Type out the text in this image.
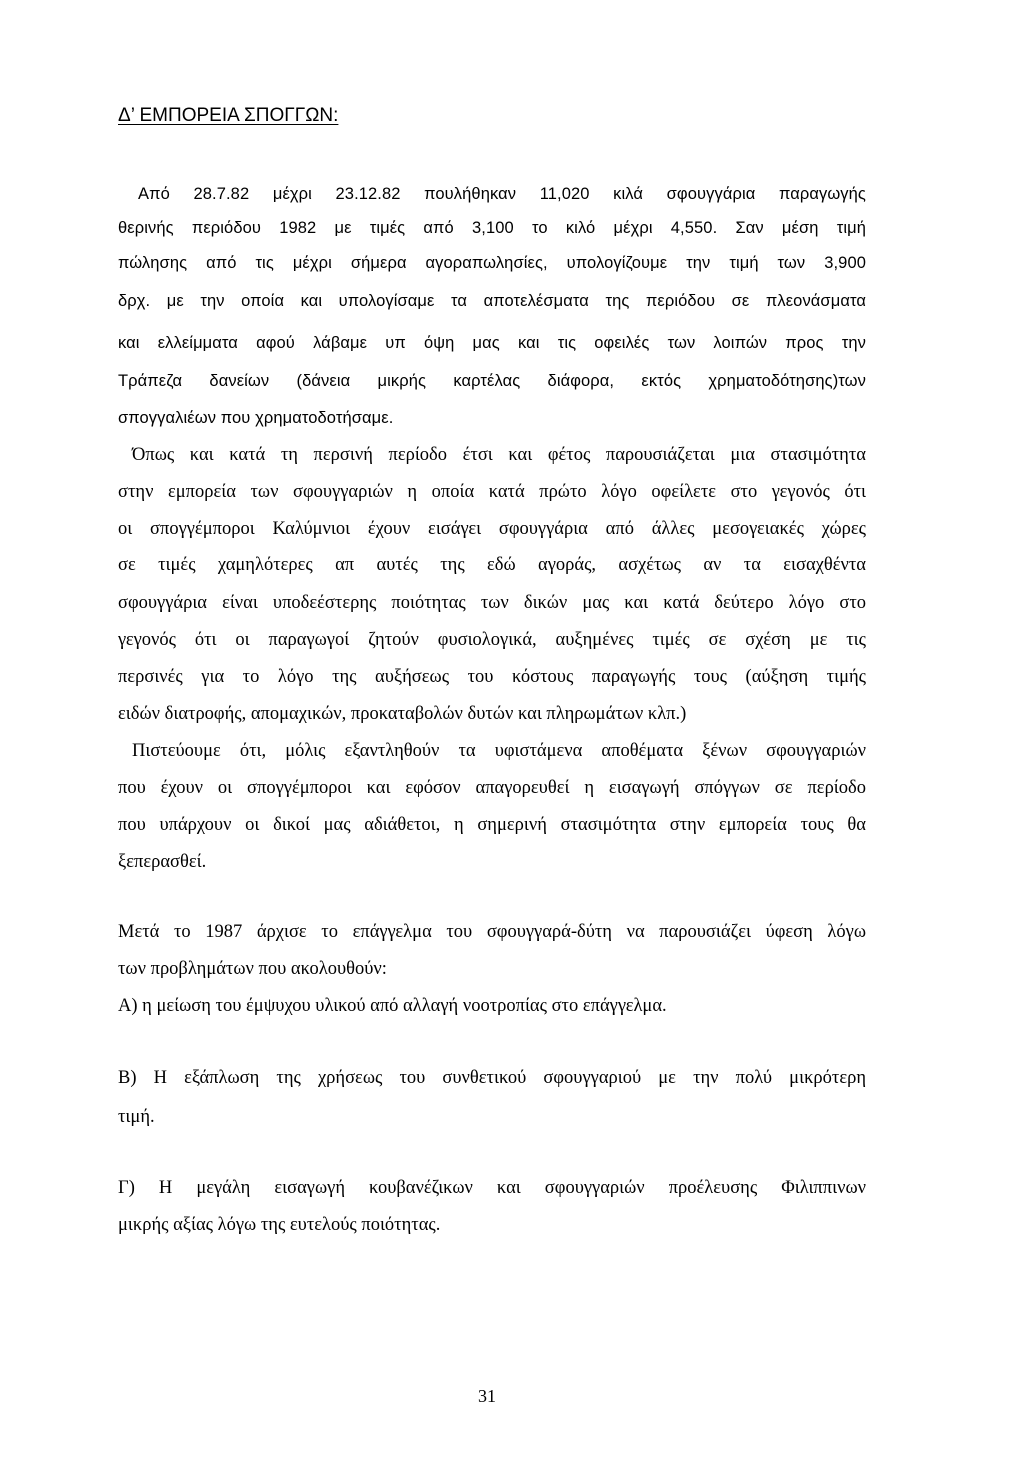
Δ’ ΕΜΠΟΡΕΙΑ ΣΠΟΓΓΩΝ:
Από 28.7.82 μέχρι 23.12.82 πουλήθηκαν 11,020 κιλά σφουγγάρια παραγωγής
θερινής περιόδου 1982 με τιμές από 3,100 το κιλό μέχρι 4,550. Σαν μέση τιμή
πώλησης από τις μέχρι σήμερα αγοραπωλησίες, υπολογίζουμε την τιμή των 3,900
δρχ. με την οποία και υπολογίσαμε τα αποτελέσματα της περιόδου σε πλεονάσματα
και ελλείμματα αφού λάβαμε υπ όψη μας και τις οφειλές των λοιπών προς την
Τράπεζα δανείων (δάνεια μικρής καρτέλας διάφορα, εκτός χρηματοδότησης)των
σπογγαλιέων που χρηματοδοτήσαμε.
Όπως και κατά τη περσινή περίοδο έτσι και φέτος παρουσιάζεται μια στασιμότητα
στην εμπορεία των σφουγγαριών η οποία κατά πρώτο λόγο οφείλετε στο γεγονός ότι
οι σπογγέμποροι Καλύμνιοι έχουν εισάγει σφουγγάρια από άλλες μεσογειακές χώρες
σε τιμές χαμηλότερες απ αυτές της εδώ αγοράς, ασχέτως αν τα εισαχθέντα
σφουγγάρια είναι υποδεέστερης ποιότητας των δικών μας και κατά δεύτερο λόγο στο
γεγονός ότι οι παραγωγοί ζητούν φυσιολογικά, αυξημένες τιμές σε σχέση με τις
περσινές για το λόγο της αυξήσεως του κόστους παραγωγής τους (αύξηση τιμής
ειδών διατροφής, απομαχικών, προκαταβολών δυτών και πληρωμάτων κλπ.)
Πιστεύουμε ότι, μόλις εξαντληθούν τα υφιστάμενα αποθέματα ξένων σφουγγαριών
που έχουν οι σπογγέμποροι και εφόσον απαγορευθεί η εισαγωγή σπόγγων σε περίοδο
που υπάρχουν οι δικοί μας αδιάθετοι, η σημερινή στασιμότητα στην εμπορεία τους θα
ξεπερασθεί.
Μετά το 1987 άρχισε το επάγγελμα του σφουγγαρά-δύτη να παρουσιάζει ύφεση λόγω
των προβλημάτων που ακολουθούν:
Α) η μείωση του έμψυχου υλικού από αλλαγή νοοτροπίας στο επάγγελμα.
Β) Η εξάπλωση της χρήσεως του συνθετικού σφουγγαριού με την πολύ μικρότερη
τιμή.
Γ) Η μεγάλη εισαγωγή κουβανέζικων και σφουγγαριών προέλευσης Φιλιππινων
μικρής αξίας λόγω της ευτελούς ποιότητας.
31
